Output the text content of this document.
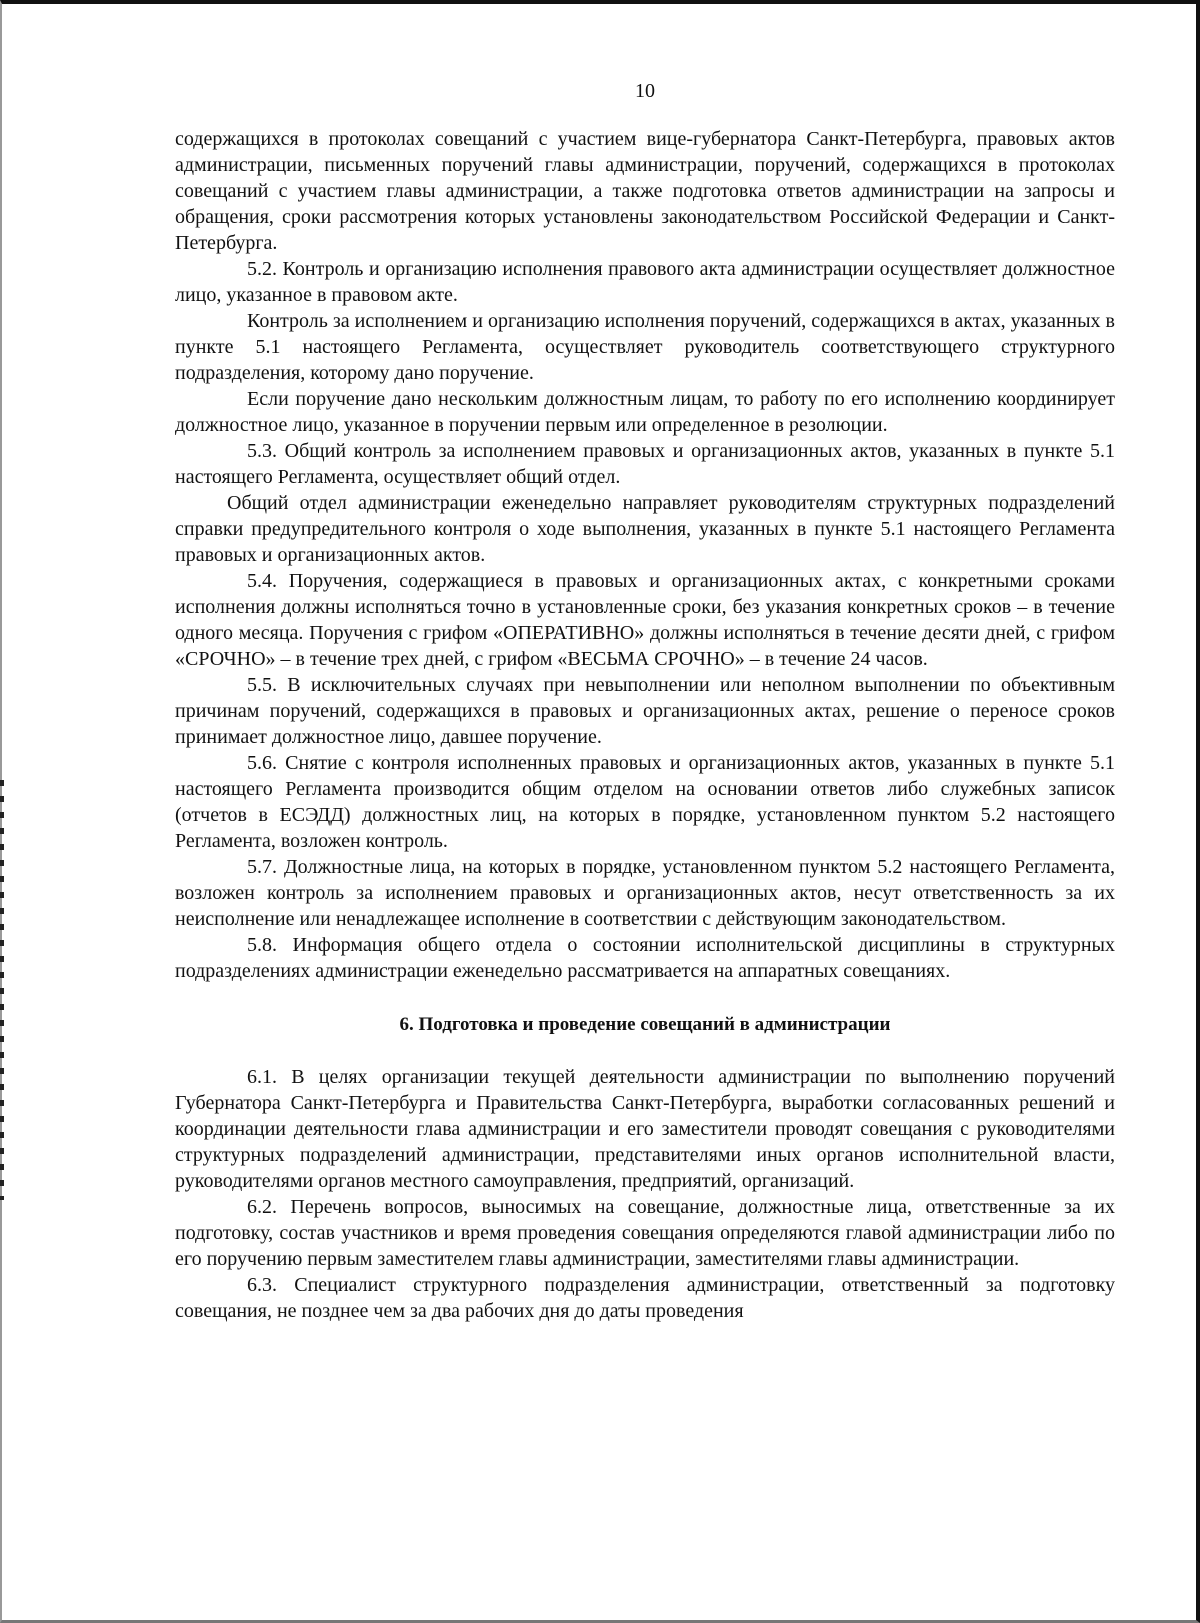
10

содержащихся в протоколах совещаний с участием вице-губернатора Санкт-Петербурга, правовых актов администрации, письменных поручений главы администрации, поручений, содержащихся в протоколах совещаний с участием главы администрации, а также подготовка ответов администрации на запросы и обращения, сроки рассмотрения которых установлены законодательством Российской Федерации и Санкт-Петербурга.

5.2. Контроль и организацию исполнения правового акта администрации осуществляет должностное лицо, указанное в правовом акте.

Контроль за исполнением и организацию исполнения поручений, содержащихся в актах, указанных в пункте 5.1 настоящего Регламента, осуществляет руководитель соответствующего структурного подразделения, которому дано поручение.

Если поручение дано нескольким должностным лицам, то работу по его исполнению координирует должностное лицо, указанное в поручении первым или определенное в резолюции.

5.3. Общий контроль за исполнением правовых и организационных актов, указанных в пункте 5.1 настоящего Регламента, осуществляет общий отдел.

Общий отдел администрации еженедельно направляет руководителям структурных подразделений справки предупредительного контроля о ходе выполнения, указанных в пункте 5.1 настоящего Регламента правовых и организационных актов.

5.4. Поручения, содержащиеся в правовых и организационных актах, с конкретными сроками исполнения должны исполняться точно в установленные сроки, без указания конкретных сроков – в течение одного месяца. Поручения с грифом «ОПЕРАТИВНО» должны исполняться в течение десяти дней, с грифом «СРОЧНО» – в течение трех дней, с грифом «ВЕСЬМА СРОЧНО» – в течение 24 часов.

5.5. В исключительных случаях при невыполнении или неполном выполнении по объективным причинам поручений, содержащихся в правовых и организационных актах, решение о переносе сроков принимает должностное лицо, давшее поручение.

5.6. Снятие с контроля исполненных правовых и организационных актов, указанных в пункте 5.1 настоящего Регламента производится общим отделом на основании ответов либо служебных записок (отчетов в ЕСЭДД) должностных лиц, на которых в порядке, установленном пунктом 5.2 настоящего Регламента, возложен контроль.

5.7. Должностные лица, на которых в порядке, установленном пунктом 5.2 настоящего Регламента, возложен контроль за исполнением правовых и организационных актов, несут ответственность за их неисполнение или ненадлежащее исполнение в соответствии с действующим законодательством.

5.8. Информация общего отдела о состоянии исполнительской дисциплины в структурных подразделениях администрации еженедельно рассматривается на аппаратных совещаниях.

6. Подготовка и проведение совещаний в администрации

6.1. В целях организации текущей деятельности администрации по выполнению поручений Губернатора Санкт-Петербурга и Правительства Санкт-Петербурга, выработки согласованных решений и координации деятельности глава администрации и его заместители проводят совещания с руководителями структурных подразделений администрации, представителями иных органов исполнительной власти, руководителями органов местного самоуправления, предприятий, организаций.

6.2. Перечень вопросов, выносимых на совещание, должностные лица, ответственные за их подготовку, состав участников и время проведения совещания определяются главой администрации либо по его поручению первым заместителем главы администрации, заместителями главы администрации.

6.3. Специалист структурного подразделения администрации, ответственный за подготовку совещания, не позднее чем за два рабочих дня до даты проведения
